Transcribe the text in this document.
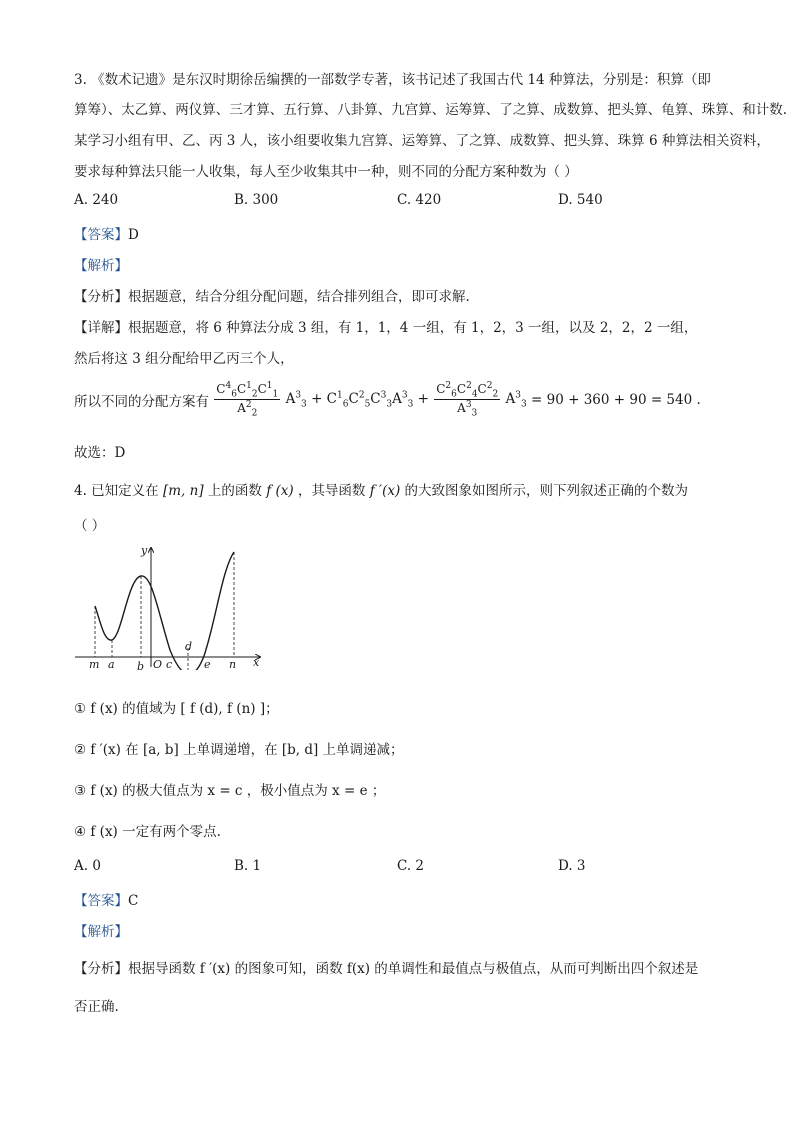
3. 《数术记遗》是东汉时期徐岳编撰的一部数学专著，该书记述了我国古代 14 种算法，分别是：积算（即
算筹）、太乙算、两仪算、三才算、五行算、八卦算、九宫算、运筹算、了之算、成数算、把头算、龟算、珠算、和计数.
某学习小组有甲、乙、丙 3 人，该小组要收集九宫算、运筹算、了之算、成数算、把头算、珠算 6 种算法相关资料，
要求每种算法只能一人收集，每人至少收集其中一种，则不同的分配方案种数为（ ）
A. 240	B. 300	C. 420	D. 540
【答案】D
【解析】
【分析】根据题意，结合分组分配问题，结合排列组合，即可求解.
【详解】根据题意，将 6 种算法分成 3 组，有 1，1，4 一组，有 1，2，3 一组，以及 2，2，2 一组，
然后将这 3 组分配给甲乙丙三个人，
所以不同的分配方案有 $\frac{C^4_6C^1_2C^1_1}{A^2_2} A^3_3 + C^1_6C^2_5C^3_3A^3_3 + \frac{C^2_6C^2_4C^2_2}{A^3_3} A^3_3 = 90 + 360 + 90 = 540$ .
故选：D
4. 已知定义在 [m, n] 上的函数 f (x) ，其导函数 f ′(x) 的大致图象如图所示，则下列叙述正确的个数为
（ ）
y
x
m a b O c
d
e n
① f (x) 的值域为 [ f (d), f (n) ]；
② f ′(x) 在 [a, b] 上单调递增，在 [b, d] 上单调递减；
③ f (x) 的极大值点为 x = c ，极小值点为 x = e ；
④ f (x) 一定有两个零点.
A. 0	B. 1	C. 2	D. 3
【答案】C
【解析】
【分析】根据导函数 f ′(x) 的图象可知，函数 f(x) 的单调性和最值点与极值点，从而可判断出四个叙述是
否正确.
